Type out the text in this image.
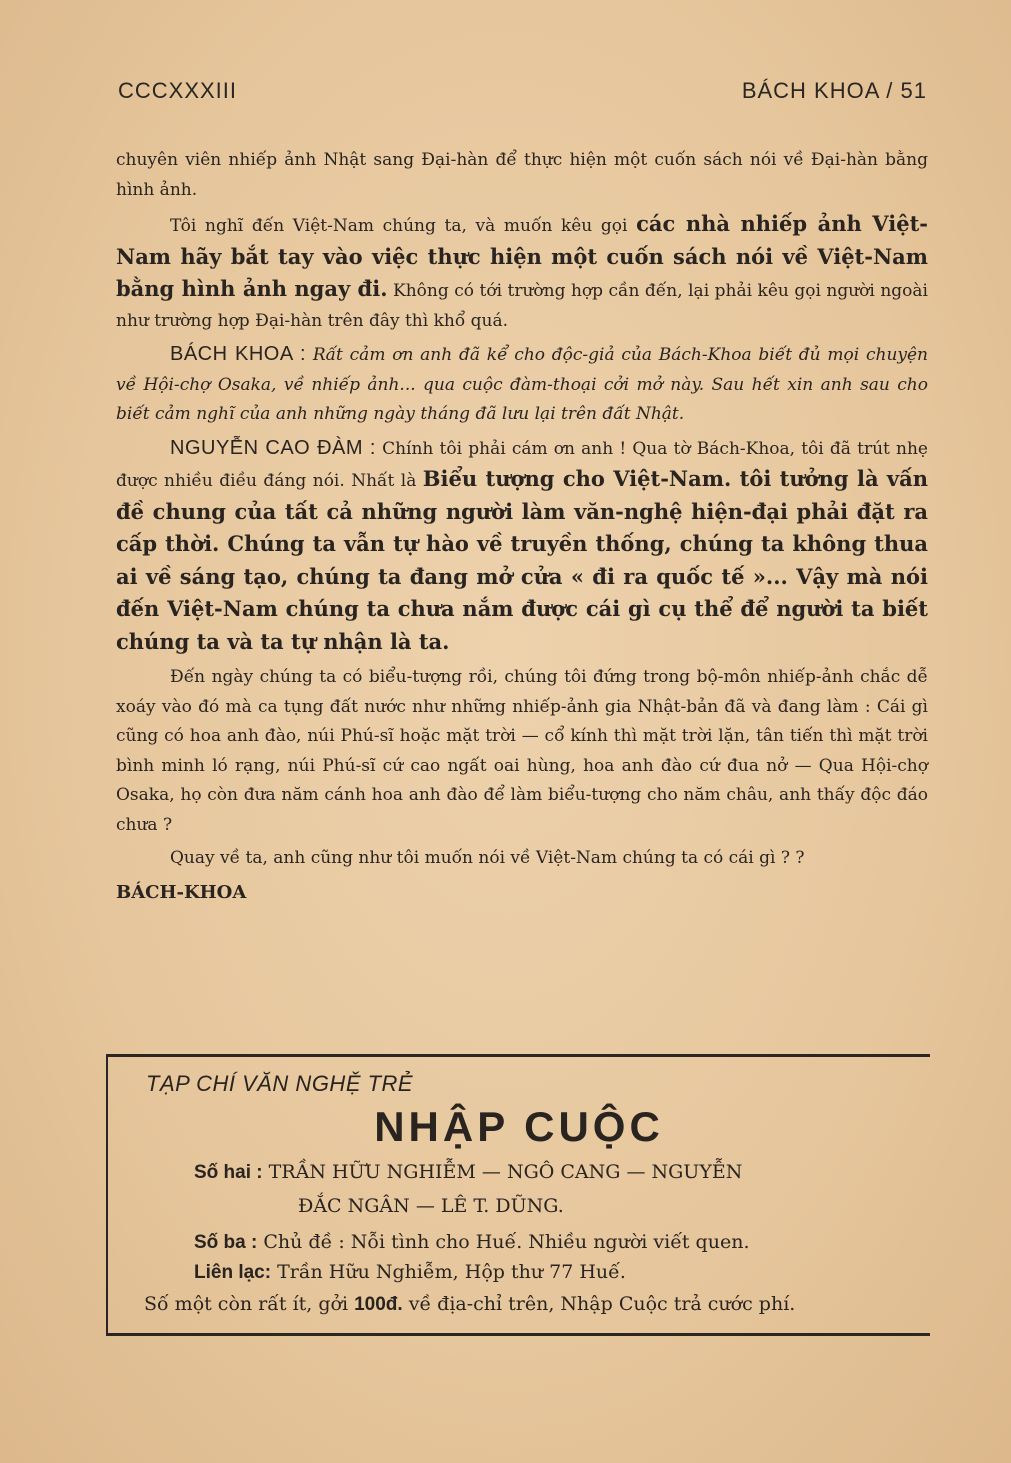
CCCXXXIII	BÁCH KHOA / 51

chuyên viên nhiếp ảnh Nhật sang Đại-hàn để thực hiện một cuốn sách nói về Đại-hàn bằng hình ảnh.

Tôi nghĩ đến Việt-Nam chúng ta, và muốn kêu gọi các nhà nhiếp ảnh Việt-Nam hãy bắt tay vào việc thực hiện một cuốn sách nói về Việt-Nam bằng hình ảnh ngay đi. Không có tới trường hợp cần đến, lại phải kêu gọi người ngoài như trường hợp Đại-hàn trên đây thì khổ quá.

BÁCH KHOA : Rất cảm ơn anh đã kể cho độc-giả của Bách-Khoa biết đủ mọi chuyện về Hội-chợ Osaka, về nhiếp ảnh... qua cuộc đàm-thoại cởi mở này. Sau hết xin anh sau cho biết cảm nghĩ của anh những ngày tháng đã lưu lại trên đất Nhật.

NGUYỄN CAO ĐÀM : Chính tôi phải cám ơn anh ! Qua tờ Bách-Khoa, tôi đã trút nhẹ được nhiều điều đáng nói. Nhất là Biểu tượng cho Việt-Nam. tôi tưởng là vấn đề chung của tất cả những người làm văn-nghệ hiện-đại phải đặt ra cấp thời. Chúng ta vẫn tự hào về truyền thống, chúng ta không thua ai về sáng tạo, chúng ta đang mở cửa « đi ra quốc tế »... Vậy mà nói đến Việt-Nam chúng ta chưa nắm được cái gì cụ thể để người ta biết chúng ta và ta tự nhận là ta.

Đến ngày chúng ta có biểu-tượng rồi, chúng tôi đứng trong bộ-môn nhiếp-ảnh chắc dễ xoáy vào đó mà ca tụng đất nước như những nhiếp-ảnh gia Nhật-bản đã và đang làm : Cái gì cũng có hoa anh đào, núi Phú-sĩ hoặc mặt trời — cổ kính thì mặt trời lặn, tân tiến thì mặt trời bình minh ló rạng, núi Phú-sĩ cứ cao ngất oai hùng, hoa anh đào cứ đua nở — Qua Hội-chợ Osaka, họ còn đưa năm cánh hoa anh đào để làm biểu-tượng cho năm châu, anh thấy độc đáo chưa ?

Quay về ta, anh cũng như tôi muốn nói về Việt-Nam chúng ta có cái gì ? ?

BÁCH-KHOA

TẠP CHÍ VĂN NGHỆ TRẺ
NHẬP CUỘC
Số hai : TRẦN HỮU NGHIỄM — NGÔ CANG — NGUYỄN
ĐẮC NGÂN — LÊ T. DŨNG.
Số ba : Chủ đề : Nỗi tình cho Huế. Nhiều người viết quen.
Liên lạc: Trần Hữu Nghiễm, Hộp thư 77 Huế.
Số một còn rất ít, gởi 100đ. về địa-chỉ trên, Nhập Cuộc trả cước phí.
